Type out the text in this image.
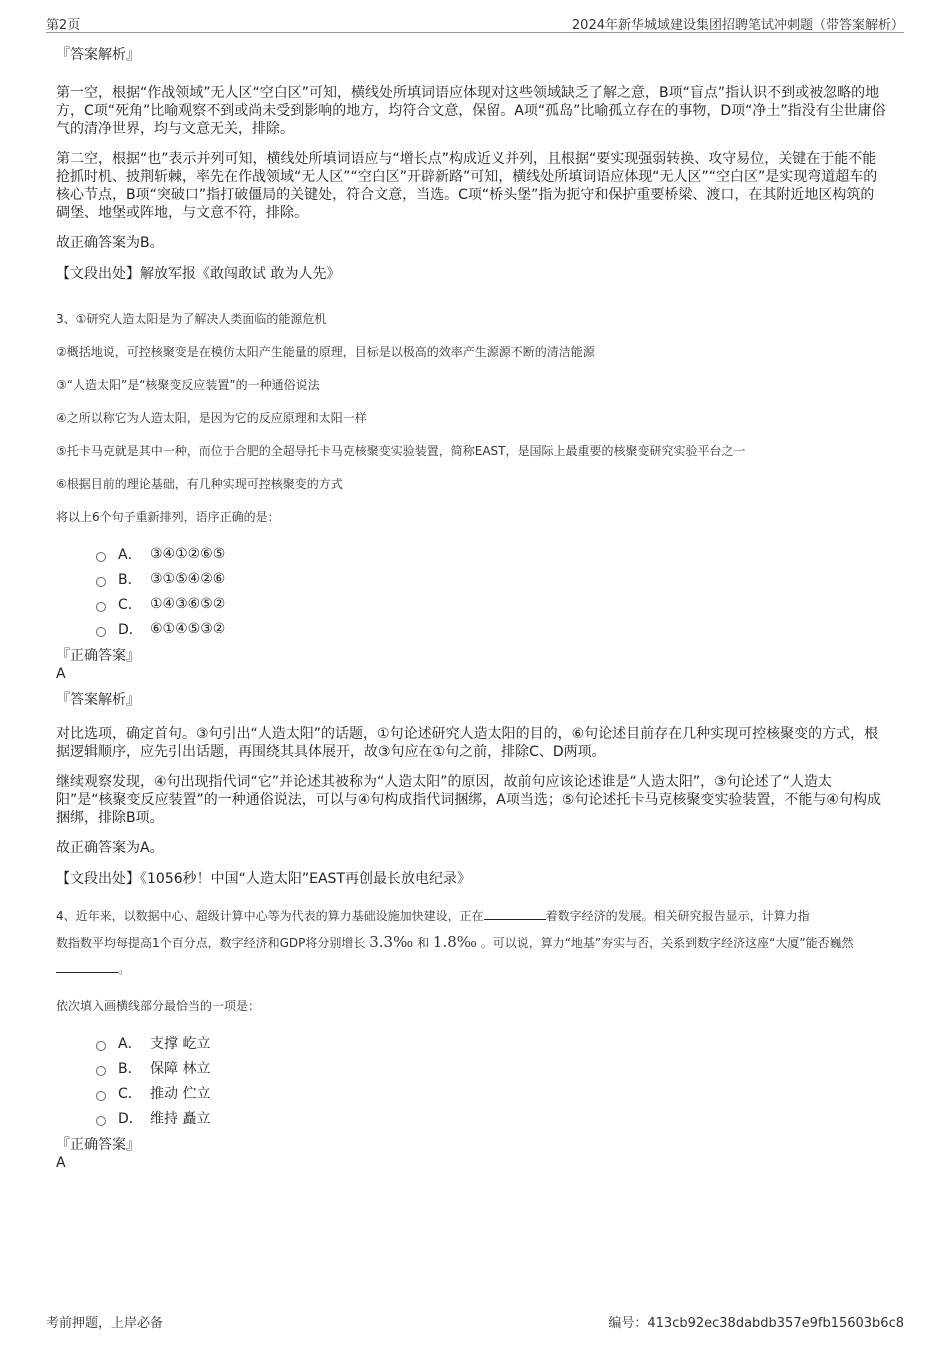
第2页	2024年新华城域建设集团招聘笔试冲刺题（带答案解析）
『答案解析』

第一空，根据“作战领域”无人区“空白区”可知，横线处所填词语应体现对这些领域缺乏了解之意，B项“盲点”指认识不到或被忽略的地方，C项“死角”比喻观察不到或尚未受到影响的地方，均符合文意，保留。A项“孤岛”比喻孤立存在的事物，D项“净土”指没有尘世庸俗气的清净世界，均与文意无关，排除。

第二空，根据“也”表示并列可知，横线处所填词语应与“增长点”构成近义并列，且根据“要实现强弱转换、攻守易位，关键在于能不能抢抓时机、披荆斩棘，率先在作战领域“无人区”“空白区”开辟新路”可知，横线处所填词语应体现“无人区”“空白区”是实现弯道超车的核心节点，B项“突破口”指打破僵局的关键处，符合文意，当选。C项“桥头堡”指为扼守和保护重要桥梁、渡口，在其附近地区构筑的碉堡、地堡或阵地，与文意不符，排除。

故正确答案为B。

【文段出处】解放军报《敢闯敢试 敢为人先》
3、①研究人造太阳是为了解决人类面临的能源危机
②概括地说，可控核聚变是在模仿太阳产生能量的原理，目标是以极高的效率产生源源不断的清洁能源
③“人造太阳”是“核聚变反应装置”的一种通俗说法
④之所以称它为人造太阳，是因为它的反应原理和太阳一样
⑤托卡马克就是其中一种，而位于合肥的全超导托卡马克核聚变实验装置，简称EAST，是国际上最重要的核聚变研究实验平台之一
⑥根据目前的理论基础，有几种实现可控核聚变的方式
将以上6个句子重新排列，语序正确的是：
A． ③④①②⑥⑤
B． ③①⑤④②⑥
C． ①④③⑥⑤②
D． ⑥①④⑤③②
『正确答案』
A
『答案解析』

对比选项，确定首句。③句引出“人造太阳”的话题，①句论述研究人造太阳的目的，⑥句论述目前存在几种实现可控核聚变的方式，根据逻辑顺序，应先引出话题，再围绕其具体展开，故③句应在①句之前，排除C、D两项。

继续观察发现，④句出现指代词“它”并论述其被称为“人造太阳”的原因，故前句应该论述谁是“人造太阳”，③句论述了“人造太阳”是“核聚变反应装置”的一种通俗说法，可以与④句构成指代词捆绑，A项当选；⑤句论述托卡马克核聚变实验装置，不能与④句构成捆绑，排除B项。

故正确答案为A。

【文段出处】《1056秒！中国“人造太阳”EAST再创最长放电纪录》
4、近年来，以数据中心、超级计算中心等为代表的算力基础设施加快建设，正在	着数字经济的发展。相关研究报告显示，计算力指
数指数平均每提高1个百分点，数字经济和GDP将分别增长 3.3‰ 和 1.8‰ 。可以说，算力“地基”夯实与否，关系到数字经济这座“大厦”能否巍然
。
依次填入画横线部分最恰当的一项是：
A． 支撑 屹立
B． 保障 林立
C． 推动 伫立
D． 维持 矗立
『正确答案』
A
考前押题，上岸必备	编号：413cb92ec38dabdb357e9fb15603b6c8
